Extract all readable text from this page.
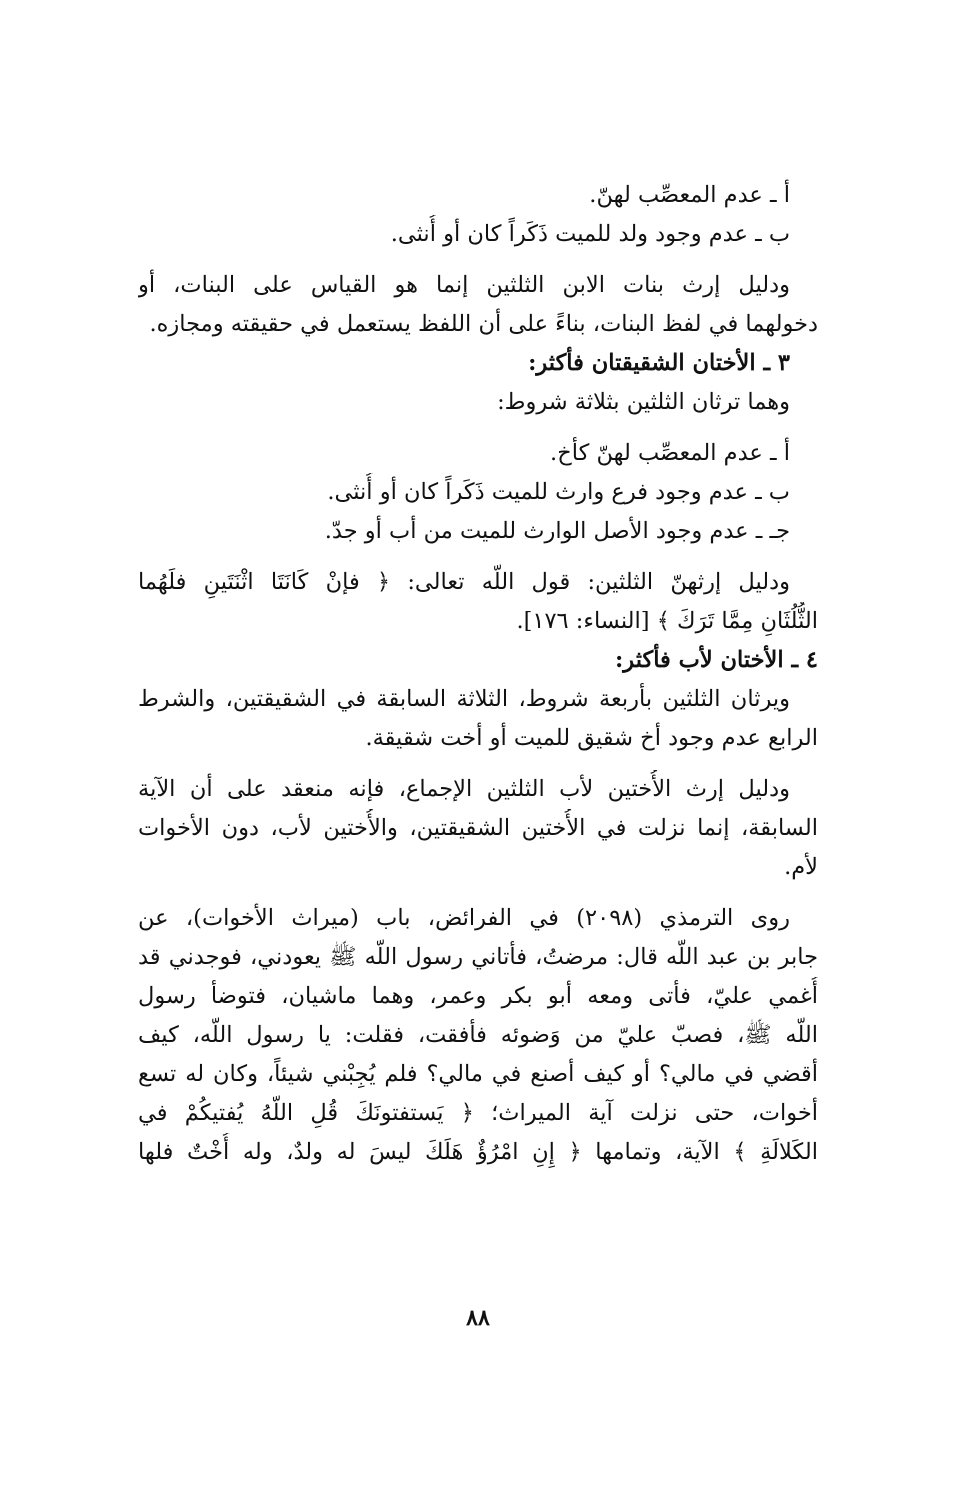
أ ـ عدم المعصِّب لهنّ.
ب ـ عدم وجود ولد للميت ذَكَراً كان أو أُنثى.
ودليل إرث بنات الابن الثلثين إنما هو القياس على البنات، أو
دخولهما في لفظ البنات، بناءً على أن اللفظ يستعمل في حقيقته ومجازه.
٣ ـ الأختان الشقيقتان فأكثر:
وهما ترثان الثلثين بثلاثة شروط:
أ ـ عدم المعصِّب لهنّ كأخ.
ب ـ عدم وجود فرع وارث للميت ذَكَراً كان أو أُنثى.
جـ ـ عدم وجود الأصل الوارث للميت من أب أو جدّ.
ودليل إرثهنّ الثلثين: قول اللّه تعالى: ﴿ فإنْ كَانَتَا اثْنَتَينِ فلَهُما
الثُّلُثَانِ مِمَّا تَرَكَ ﴾ [النساء: ١٧٦].
٤ ـ الأختان لأب فأكثر:
ويرثان الثلثين بأربعة شروط، الثلاثة السابقة في الشقيقتين، والشرط
الرابع عدم وجود أخ شقيق للميت أو أخت شقيقة.
ودليل إرث الأُختين لأب الثلثين الإجماع، فإنه منعقد على أن الآية
السابقة، إنما نزلت في الأُختين الشقيقتين، والأُختين لأب، دون الأخوات
لأم.
روى الترمذي (٢٠٩٨) في الفرائض، باب (ميراث الأخوات)، عن
جابر بن عبد اللّه قال: مرضتُ، فأتاني رسول اللّه ﷺ يعودني، فوجدني قد
أُغمي عليّ، فأتى ومعه أبو بكر وعمر، وهما ماشيان، فتوضأ رسول
اللّه ﷺ، فصبّ عليّ من وَضوئه فأفقت، فقلت: يا رسول اللّه، كيف
أقضي في مالي؟ أو كيف أصنع في مالي؟ فلم يُجِبْني شيئاً، وكان له تسع
أخوات، حتى نزلت آية الميراث؛ ﴿ يَستفتونَكَ قُلِ اللّهُ يُفتيكُمْ في
الكَلالَةِ ﴾ الآية، وتمامها ﴿ إِنِ امْرُؤٌ هَلَكَ ليسَ له ولدٌ، وله أُخْتٌ فلها
٨٨
